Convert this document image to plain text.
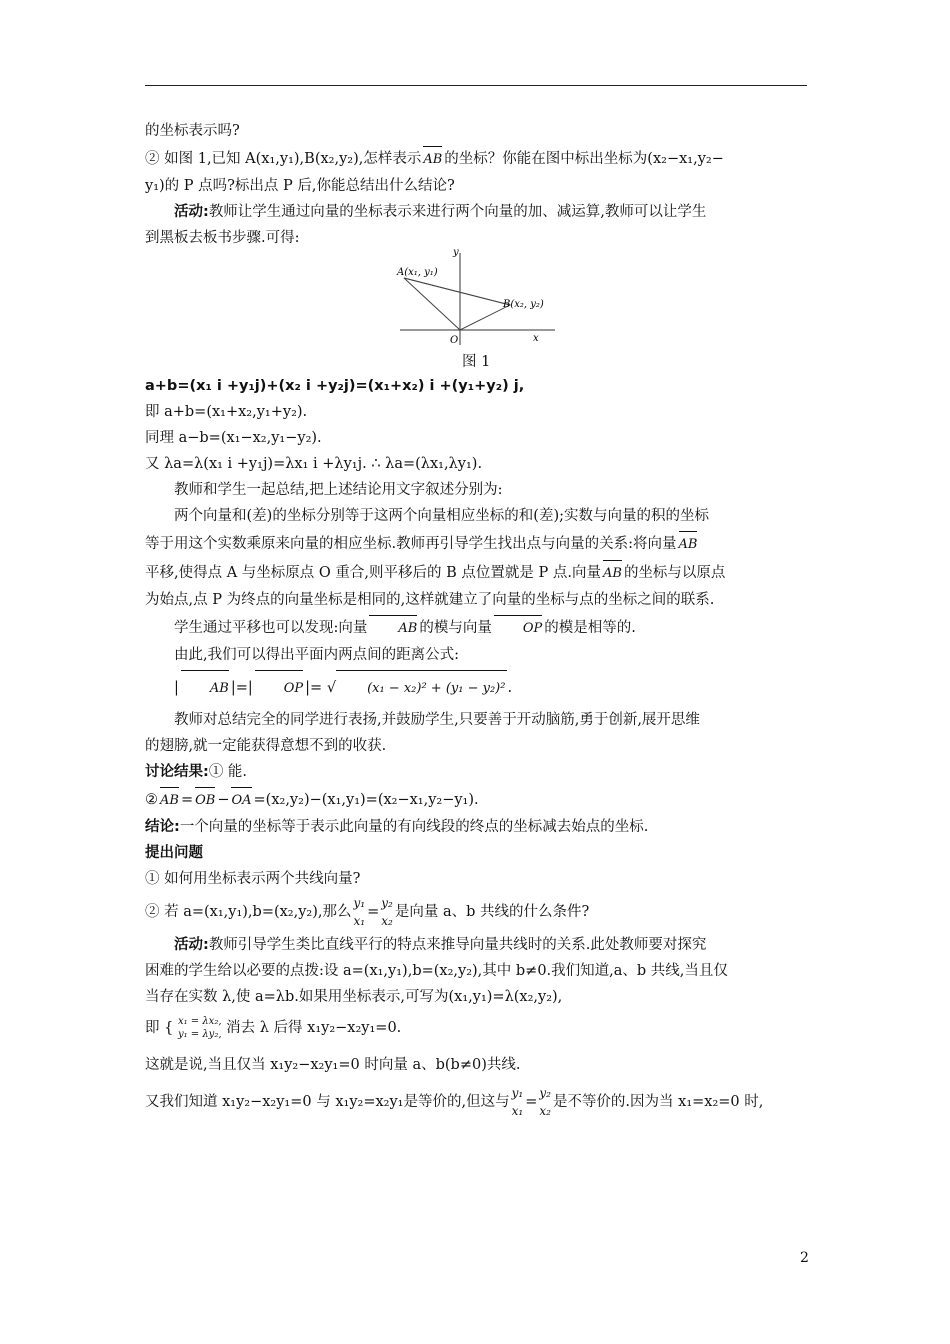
的坐标表示吗?

② 如图 1,已知 A(x₁,y₁),B(x₂,y₂),怎样表示 AB 的坐标？你能在图中标出坐标为(x₂−x₁,y₂−

y₁)的 P 点吗?标出点 P 后,你能总结出什么结论?

活动:教师让学生通过向量的坐标表示来进行两个向量的加、减运算,教师可以让学生

到黑板去板书步骤.可得:

A(x₁, y₁)
B(x₂, y₂)
O	x
y
图 1

a+b=(x₁ i +y₁j)+(x₂ i +y₂j)=(x₁+x₂) i +(y₁+y₂) j,

即 a+b=(x₁+x₂,y₁+y₂).

同理 a−b=(x₁−x₂,y₁−y₂).

又 λa=λ(x₁ i +y₁j)=λx₁ i +λy₁j. ∴ λa=(λx₁,λy₁).

教师和学生一起总结,把上述结论用文字叙述分别为:

两个向量和(差)的坐标分别等于这两个向量相应坐标的和(差);实数与向量的积的坐标

等于用这个实数乘原来向量的相应坐标.教师再引导学生找出点与向量的关系:将向量 AB

平移,使得点 A 与坐标原点 O 重合,则平移后的 B 点位置就是 P 点.向量 AB 的坐标与以原点

为始点,点 P 为终点的向量坐标是相同的,这样就建立了向量的坐标与点的坐标之间的联系.

学生通过平移也可以发现:向量 AB 的模与向量 OP 的模是相等的.

由此,我们可以得出平面内两点间的距离公式:

| AB |=| OP |= √ (x₁ − x₂)² + (y₁ − y₂)² .

教师对总结完全的同学进行表扬,并鼓励学生,只要善于开动脑筋,勇于创新,展开思维

的翅膀,就一定能获得意想不到的收获.

讨论结果:① 能.

② AB = OB − OA =(x₂,y₂)−(x₁,y₁)=(x₂−x₁,y₂−y₁).

结论:一个向量的坐标等于表示此向量的有向线段的终点的坐标减去始点的坐标.

提出问题

① 如何用坐标表示两个共线向量?

② 若 a=(x₁,y₁),b=(x₂,y₂),那么y₁
x₁
=y₂
x₂
是向量 a、b 共线的什么条件?

活动:教师引导学生类比直线平行的特点来推导向量共线时的关系.此处教师要对探究

困难的学生给以必要的点拨:设 a=(x₁,y₁),b=(x₂,y₂),其中 b≠0.我们知道,a、b 共线,当且仅

当存在实数 λ,使 a=λb.如果用坐标表示,可写为(x₁,y₁)=λ(x₂,y₂),

即 { x₁ = λx₂,
y₁ = λy₂, 消去 λ 后得 x₁y₂−x₂y₁=0.

这就是说,当且仅当 x₁y₂−x₂y₁=0 时向量 a、b(b≠0)共线.

又我们知道 x₁y₂−x₂y₁=0 与 x₁y₂=x₂y₁是等价的,但这与y₁
x₁
=y₂
x₂
是不等价的.因为当 x₁=x₂=0 时,

2
